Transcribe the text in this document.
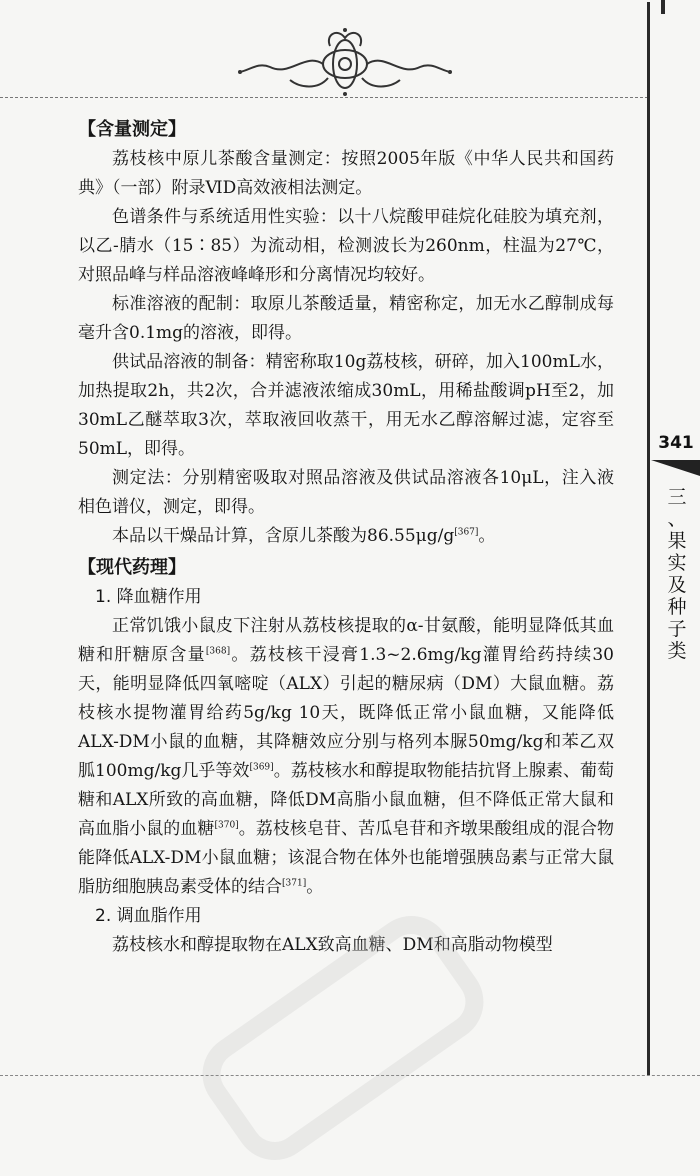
341
三
、
果
实
及
种
子
类
【含量测定】

荔枝核中原儿茶酸含量测定：按照2005年版《中华人民共和国药典》（一部）附录ⅥD高效液相法测定。

色谱条件与系统适用性实验：以十八烷酸甲硅烷化硅胶为填充剂，以乙-腈水（15∶85）为流动相，检测波长为260nm，柱温为27℃，对照品峰与样品溶液峰峰形和分离情况均较好。

标准溶液的配制：取原儿茶酸适量，精密称定，加无水乙醇制成每毫升含0.1mg的溶液，即得。

供试品溶液的制备：精密称取10g荔枝核，研碎，加入100mL水，加热提取2h，共2次，合并滤液浓缩成30mL，用稀盐酸调pH至2，加30mL乙醚萃取3次，萃取液回收蒸干，用无水乙醇溶解过滤，定容至50mL，即得。

测定法：分别精密吸取对照品溶液及供试品溶液各10μL，注入液相色谱仪，测定，即得。

本品以干燥品计算，含原儿茶酸为86.55μg/g[367]。

【现代药理】

1. 降血糖作用

正常饥饿小鼠皮下注射从荔枝核提取的α-甘氨酸，能明显降低其血糖和肝糖原含量[368]。荔枝核干浸膏1.3~2.6mg/kg灌胃给药持续30天，能明显降低四氧嘧啶（ALX）引起的糖尿病（DM）大鼠血糖。荔枝核水提物灌胃给药5g/kg 10天，既降低正常小鼠血糖，又能降低ALX-DM小鼠的血糖，其降糖效应分别与格列本脲50mg/kg和苯乙双胍100mg/kg几乎等效[369]。荔枝核水和醇提取物能拮抗肾上腺素、葡萄糖和ALX所致的高血糖，降低DM高脂小鼠血糖，但不降低正常大鼠和高血脂小鼠的血糖[370]。荔枝核皂苷、苦瓜皂苷和齐墩果酸组成的混合物能降低ALX-DM小鼠血糖；该混合物在体外也能增强胰岛素与正常大鼠脂肪细胞胰岛素受体的结合[371]。

2. 调血脂作用

荔枝核水和醇提取物在ALX致高血糖、DM和高脂动物模型
